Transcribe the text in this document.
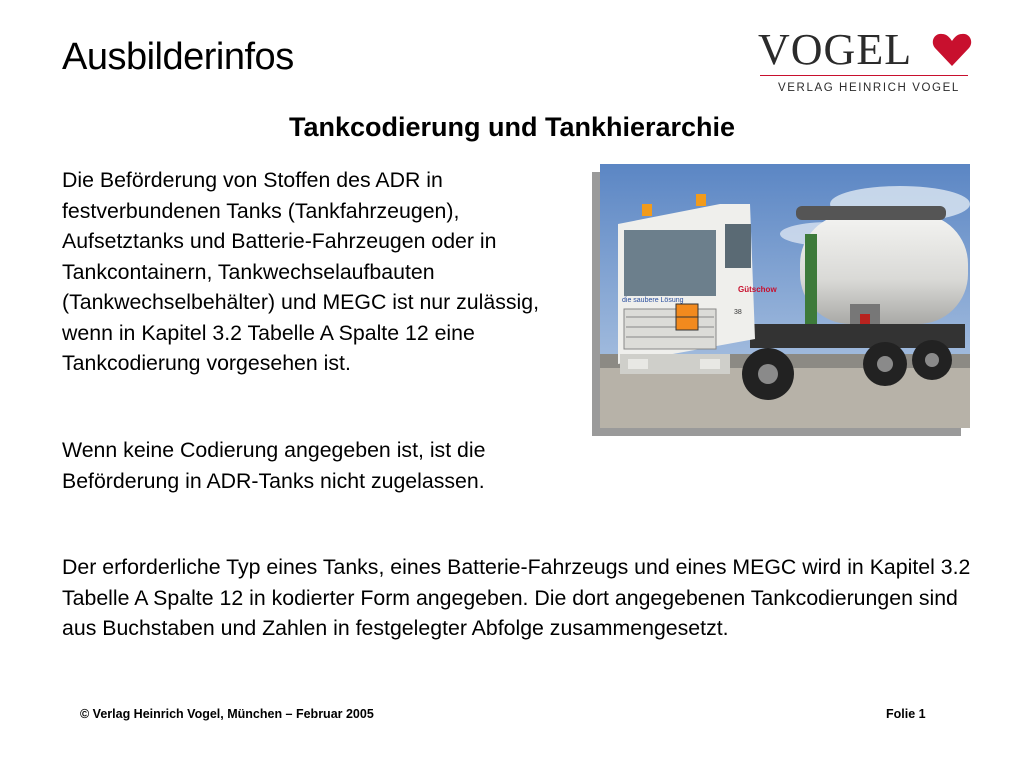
Ausbilderinfos	VOGEL
VERLAG HEINRICH VOGEL
Tankcodierung und Tankhierarchie

Die Beförderung von Stoffen des ADR in festverbundenen Tanks (Tankfahrzeugen), Aufsetztanks und Batterie-Fahrzeugen oder in Tankcontainern, Tankwechselaufbauten (Tankwechselbehälter) und MEGC ist nur zulässig, wenn in Kapitel 3.2 Tabelle A Spalte 12 eine Tankcodierung vorgesehen ist.

Wenn keine Codierung angegeben ist, ist die Beförderung in ADR-Tanks nicht zugelassen.

Der erforderliche Typ eines Tanks, eines Batterie-Fahrzeugs und eines MEGC wird in Kapitel 3.2 Tabelle A Spalte 12 in kodierter Form angegeben. Die dort angegebenen Tankcodierungen sind aus Buchstaben und Zahlen in festgelegter Abfolge zusammengesetzt.

die saubere Lösung
Gütschow
38
© Verlag Heinrich Vogel, München – Februar 2005	Folie 1
